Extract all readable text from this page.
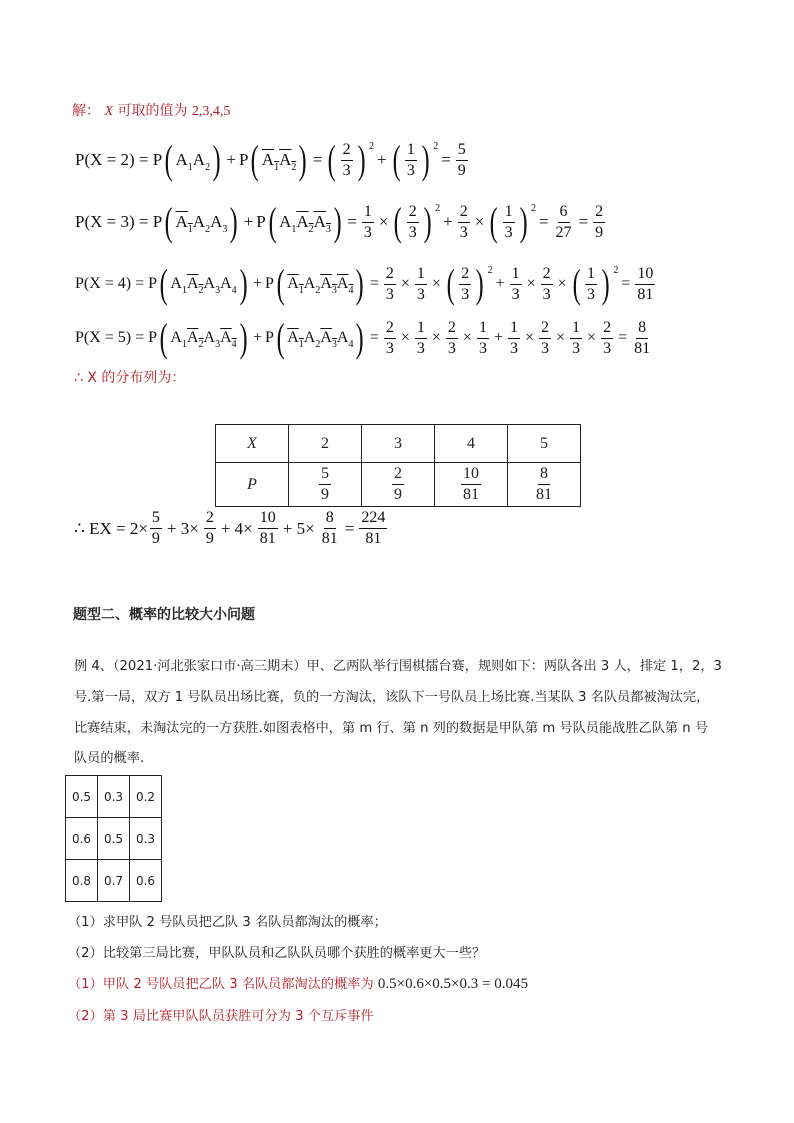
解： X 可取的值为 2,3,4,5
P(X = 2) = P ( $A_1A_2$ ) + P ( $A_1A_2$ ) = ( $\frac{2}{3}$ ) 2
+ ( $\frac{1}{3}$ ) 2
= $\frac{5}{9}$
P(X = 3) = P ( $A_1A_2A_3$ ) + P ( $A_1A_2A_3$ ) = $\frac{1}{3}$ × ( $\frac{2}{3}$ ) 2
+ $\frac{2}{3}$ × ( $\frac{1}{3}$ ) 2
= $\frac{6}{27} = \frac{2}{9}$
P(X = 4) = P ( $A_1A_2A_3A_4$ ) + P ( $A_1A_2A_3A_4$ ) = $\frac{2}{3} \times \frac{1}{3}$ × ( $\frac{2}{3}$ ) 2
+ $\frac{1}{3} \times \frac{2}{3}$ × ( $\frac{1}{3}$ ) 2
= $\frac{10}{81}$
P(X = 5) = P ( $A_1A_2A_3A_4$ ) + P ( $A_1A_2A_3A_4$ ) = $\frac{2}{3} \times \frac{1}{3} \times \frac{2}{3} \times \frac{1}{3} + \frac{1}{3} \times \frac{2}{3} \times \frac{1}{3} \times \frac{2}{3} = \frac{8}{81}$
∴ X 的分布列为：
X	2	3	4	5
P	$\frac{5}{9}$	$\frac{2}{9}$	$\frac{10}{81}$	$\frac{8}{81}$
∴ EX = $2\times \frac{5}{9} + 3\times \frac{2}{9} + 4\times \frac{10}{81} + 5\times \frac{8}{81} = \frac{224}{81}$
题型二、概率的比较大小问题
例 4、（2021·河北张家口市·高三期末）甲、乙两队举行围棋擂台赛，规则如下：两队各出 3 人，排定 1，2，3
号.第一局，双方 1 号队员出场比赛，负的一方淘汰，该队下一号队员上场比赛.当某队 3 名队员都被淘汰完，
比赛结束，未淘汰完的一方获胜.如图表格中，第 m 行、第 n 列的数据是甲队第 m 号队员能战胜乙队第 n 号
队员的概率.
0.5	0.3	0.2
0.6	0.5	0.3
0.8	0.7	0.6
（1）求甲队 2 号队员把乙队 3 名队员都淘汰的概率；
（2）比较第三局比赛，甲队队员和乙队队员哪个获胜的概率更大一些？
（1）甲队 2 号队员把乙队 3 名队员都淘汰的概率为 0.5×0.6×0.5×0.3 = 0.045
（2）第 3 局比赛甲队队员获胜可分为 3 个互斥事件
